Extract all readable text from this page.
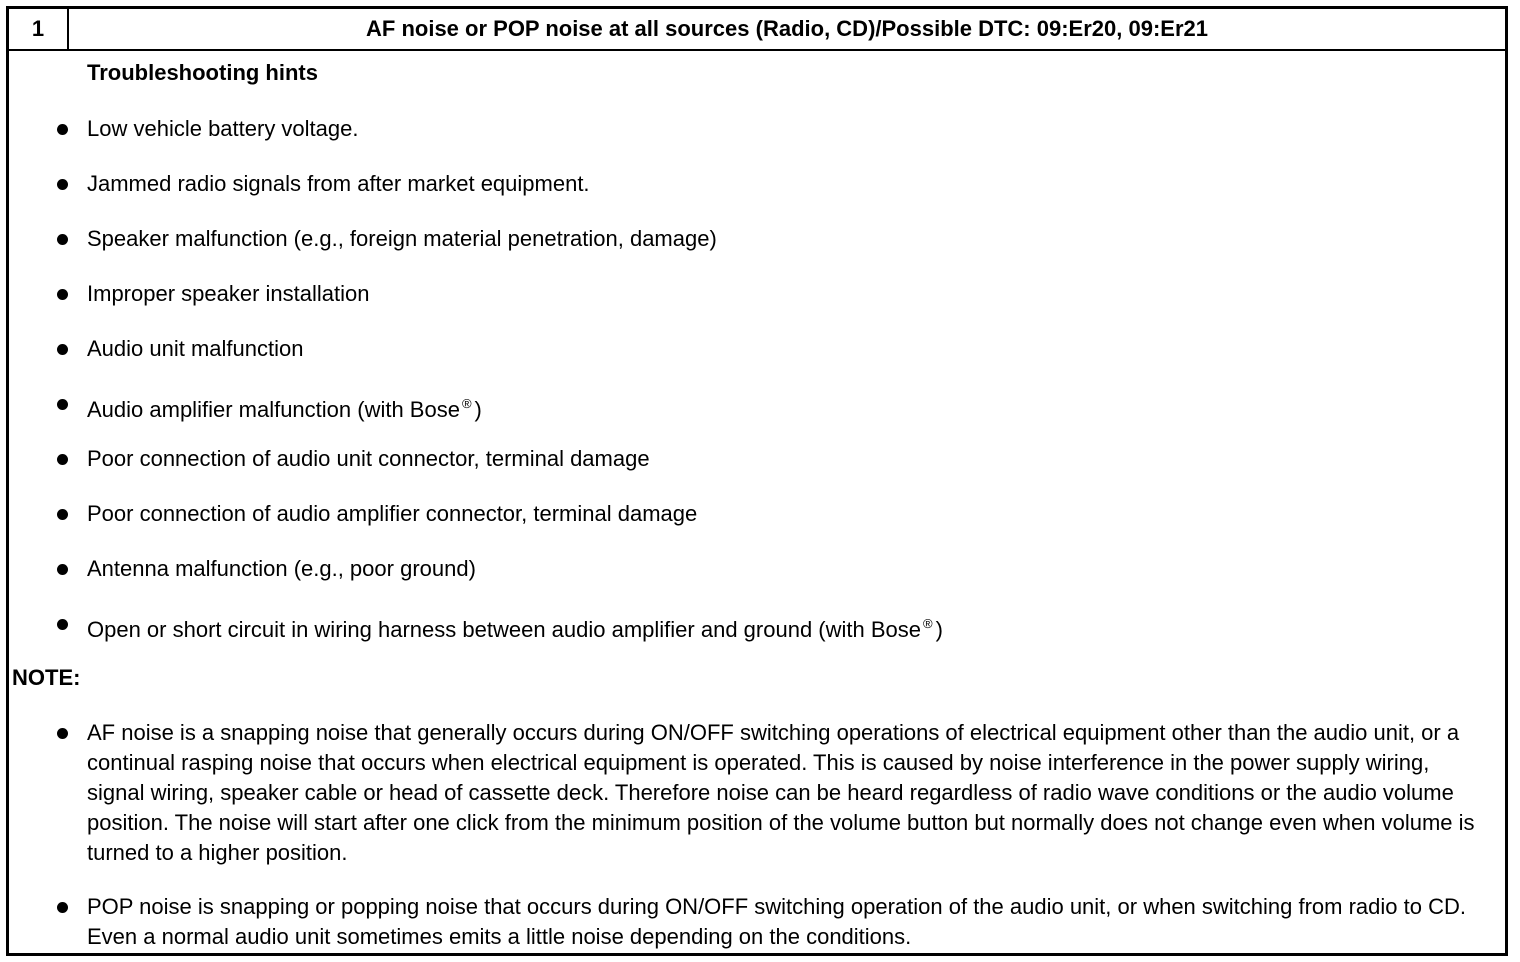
1	AF noise or POP noise at all sources (Radio, CD)/Possible DTC: 09:Er20, 09:Er21
Troubleshooting hints
Low vehicle battery voltage.
Jammed radio signals from after market equipment.
Speaker malfunction (e.g., foreign material penetration, damage)
Improper speaker installation
Audio unit malfunction
Audio amplifier malfunction (with Bose ® )
Poor connection of audio unit connector, terminal damage
Poor connection of audio amplifier connector, terminal damage
Antenna malfunction (e.g., poor ground)
Open or short circuit in wiring harness between audio amplifier and ground (with Bose ® )
NOTE:
AF noise is a snapping noise that generally occurs during ON/OFF switching operations of electrical equipment other than the audio unit, or a continual rasping noise that occurs when electrical equipment is operated. This is caused by noise interference in the power supply wiring, signal wiring, speaker cable or head of cassette deck. Therefore noise can be heard regardless of radio wave conditions or the audio volume position. The noise will start after one click from the minimum position of the volume button but normally does not change even when volume is turned to a higher position.
POP noise is snapping or popping noise that occurs during ON/OFF switching operation of the audio unit, or when switching from radio to CD. Even a normal audio unit sometimes emits a little noise depending on the conditions.
